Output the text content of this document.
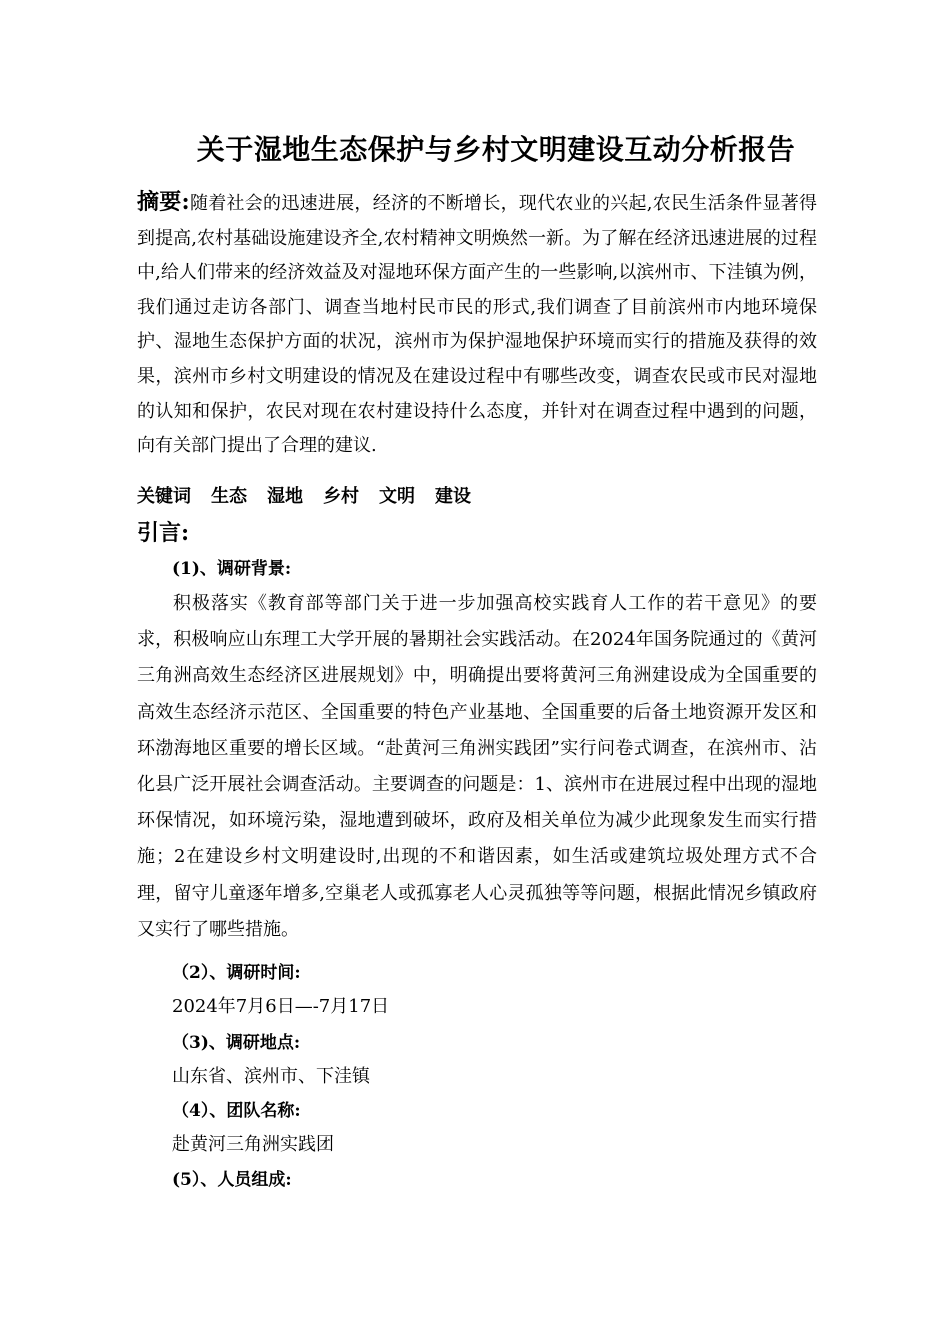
关于湿地生态保护与乡村文明建设互动分析报告
摘要:随着社会的迅速进展，经济的不断增长，现代农业的兴起,农民生活条件显著得到提高,农村基础设施建设齐全,农村精神文明焕然一新。为了解在经济迅速进展的过程中,给人们带来的经济效益及对湿地环保方面产生的一些影响,以滨州市、下洼镇为例，我们通过走访各部门、调查当地村民市民的形式,我们调查了目前滨州市内地环境保护、湿地生态保护方面的状况，滨州市为保护湿地保护环境而实行的措施及获得的效果，滨州市乡村文明建设的情况及在建设过程中有哪些改变，调查农民或市民对湿地的认知和保护，农民对现在农村建设持什么态度，并针对在调查过程中遇到的问题，向有关部门提出了合理的建议.
关键词 生态 湿地 乡村 文明 建设
引言:
(1)、调研背景:
积极落实《教育部等部门关于进一步加强高校实践育人工作的若干意见》的要求，积极响应山东理工大学开展的暑期社会实践活动。在2024年国务院通过的《黄河三角洲高效生态经济区进展规划》中，明确提出要将黄河三角洲建设成为全国重要的高效生态经济示范区、全国重要的特色产业基地、全国重要的后备土地资源开发区和环渤海地区重要的增长区域。“赴黄河三角洲实践团”实行问卷式调查，在滨州市、沾化县广泛开展社会调查活动。主要调查的问题是：1、滨州市在进展过程中出现的湿地环保情况，如环境污染，湿地遭到破坏，政府及相关单位为减少此现象发生而实行措施；2在建设乡村文明建设时,出现的不和谐因素，如生活或建筑垃圾处理方式不合理，留守儿童逐年增多,空巢老人或孤寡老人心灵孤独等等问题，根据此情况乡镇政府又实行了哪些措施。
（2）、调研时间:
2024年7月6日—-7月17日
（3)、调研地点:
山东省、滨州市、下洼镇
（4）、团队名称:
赴黄河三角洲实践团
(5）、人员组成:
